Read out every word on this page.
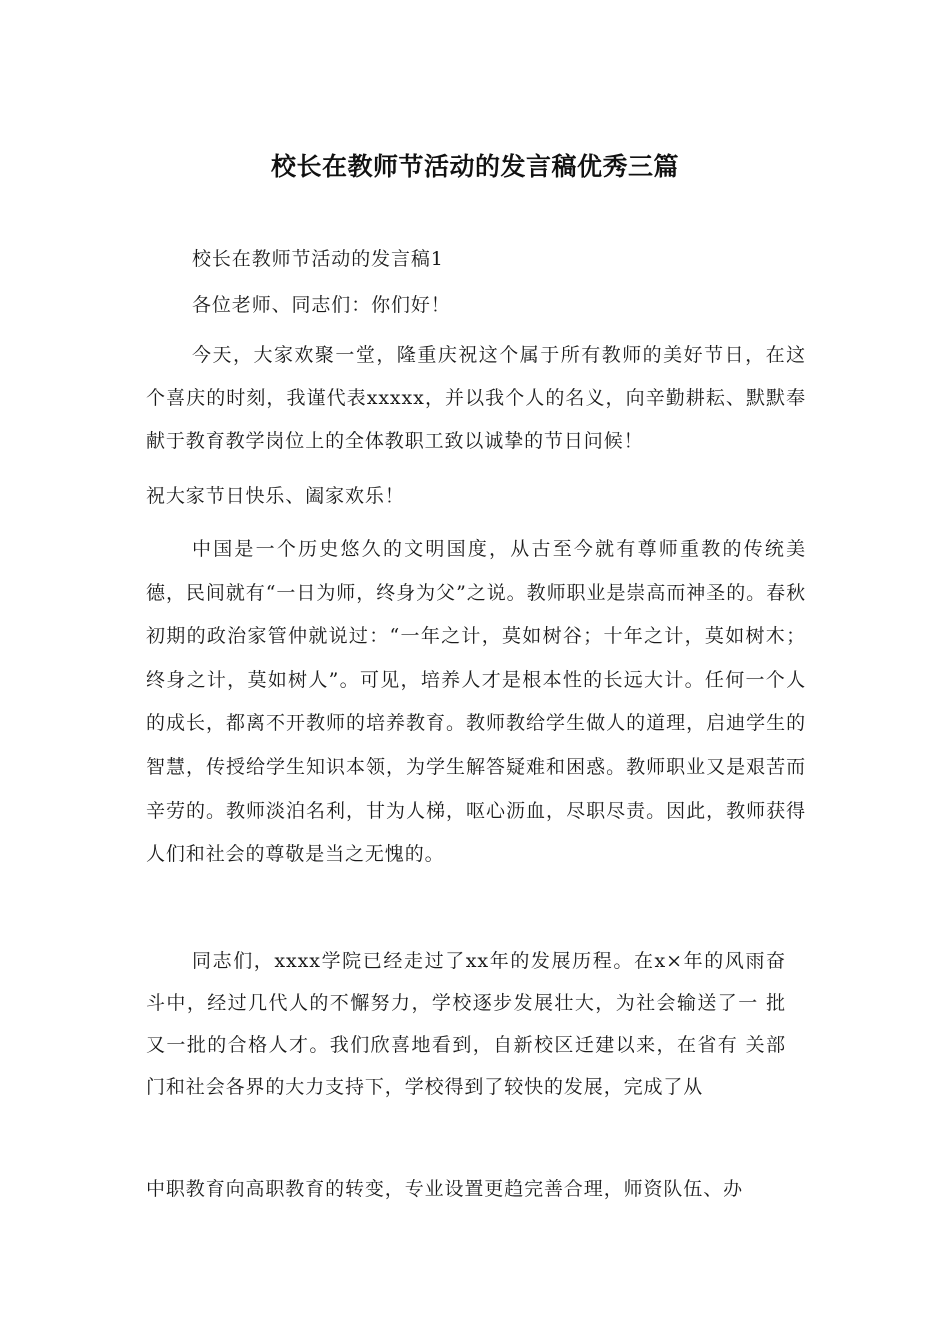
校长在教师节活动的发言稿优秀三篇

校长在教师节活动的发言稿1

各位老师、同志们：你们好！

今天，大家欢聚一堂，隆重庆祝这个属于所有教师的美好节日，在这个喜庆的时刻，我谨代表xxxxx，并以我个人的名义，向辛勤耕耘、默默奉献于教育教学岗位上的全体教职工致以诚挚的节日问候！

祝大家节日快乐、阖家欢乐！

中国是一个历史悠久的文明国度，从古至今就有尊师重教的传统美德，民间就有“一日为师，终身为父”之说。教师职业是崇高而神圣的。春秋初期的政治家管仲就说过：“一年之计，莫如树谷；十年之计，莫如树木；终身之计，莫如树人”。可见，培养人才是根本性的长远大计。任何一个人的成长，都离不开教师的培养教育。教师教给学生做人的道理，启迪学生的智慧，传授给学生知识本领，为学生解答疑难和困惑。教师职业又是艰苦而辛劳的。教师淡泊名利，甘为人梯，呕心沥血，尽职尽责。因此，教师获得人们和社会的尊敬是当之无愧的。

同志们，xxxx学院已经走过了xx年的发展历程。在x×年的风雨奋 斗中，经过几代人的不懈努力，学校逐步发展壮大，为社会输送了一 批又一批的合格人才。我们欣喜地看到，自新校区迁建以来，在省有 关部门和社会各界的大力支持下，学校得到了较快的发展，完成了从

中职教育向高职教育的转变，专业设置更趋完善合理，师资队伍、办
